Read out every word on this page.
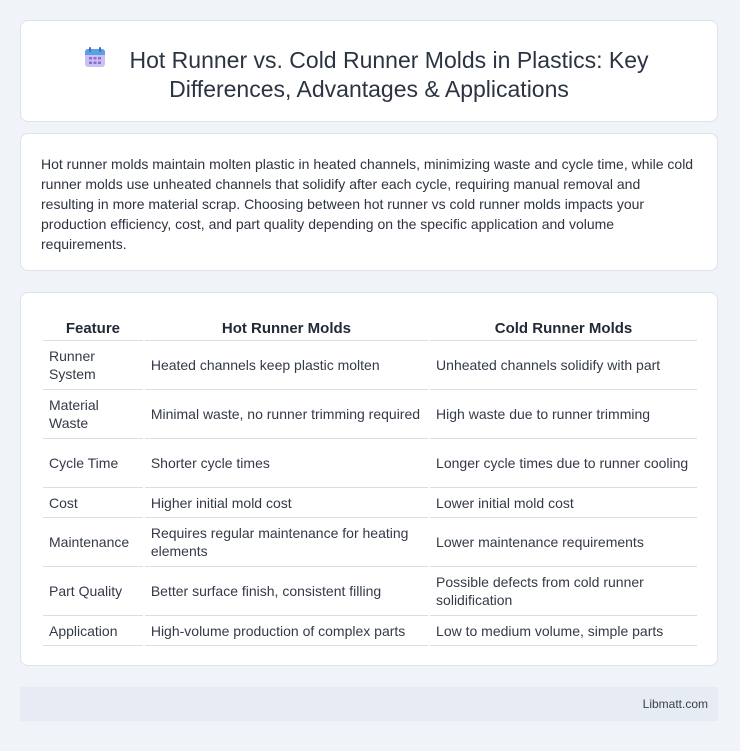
Hot Runner vs. Cold Runner Molds in Plastics: Key
Differences, Advantages & Applications

Hot runner molds maintain molten plastic in heated channels, minimizing waste and cycle time, while cold runner molds use unheated channels that solidify after each cycle, requiring manual removal and resulting in more material scrap. Choosing between hot runner vs cold runner molds impacts your production efficiency, cost, and part quality depending on the specific application and volume requirements.

Feature	Hot Runner Molds	Cold Runner Molds
Runner System	Heated channels keep plastic molten	Unheated channels solidify with part
Material Waste	Minimal waste, no runner trimming required	High waste due to runner trimming
Cycle Time	Shorter cycle times	Longer cycle times due to runner cooling
Cost	Higher initial mold cost	Lower initial mold cost
Maintenance	Requires regular maintenance for heating elements	Lower maintenance requirements
Part Quality	Better surface finish, consistent filling	Possible defects from cold runner solidification
Application	High-volume production of complex parts	Low to medium volume, simple parts
Libmatt.com
